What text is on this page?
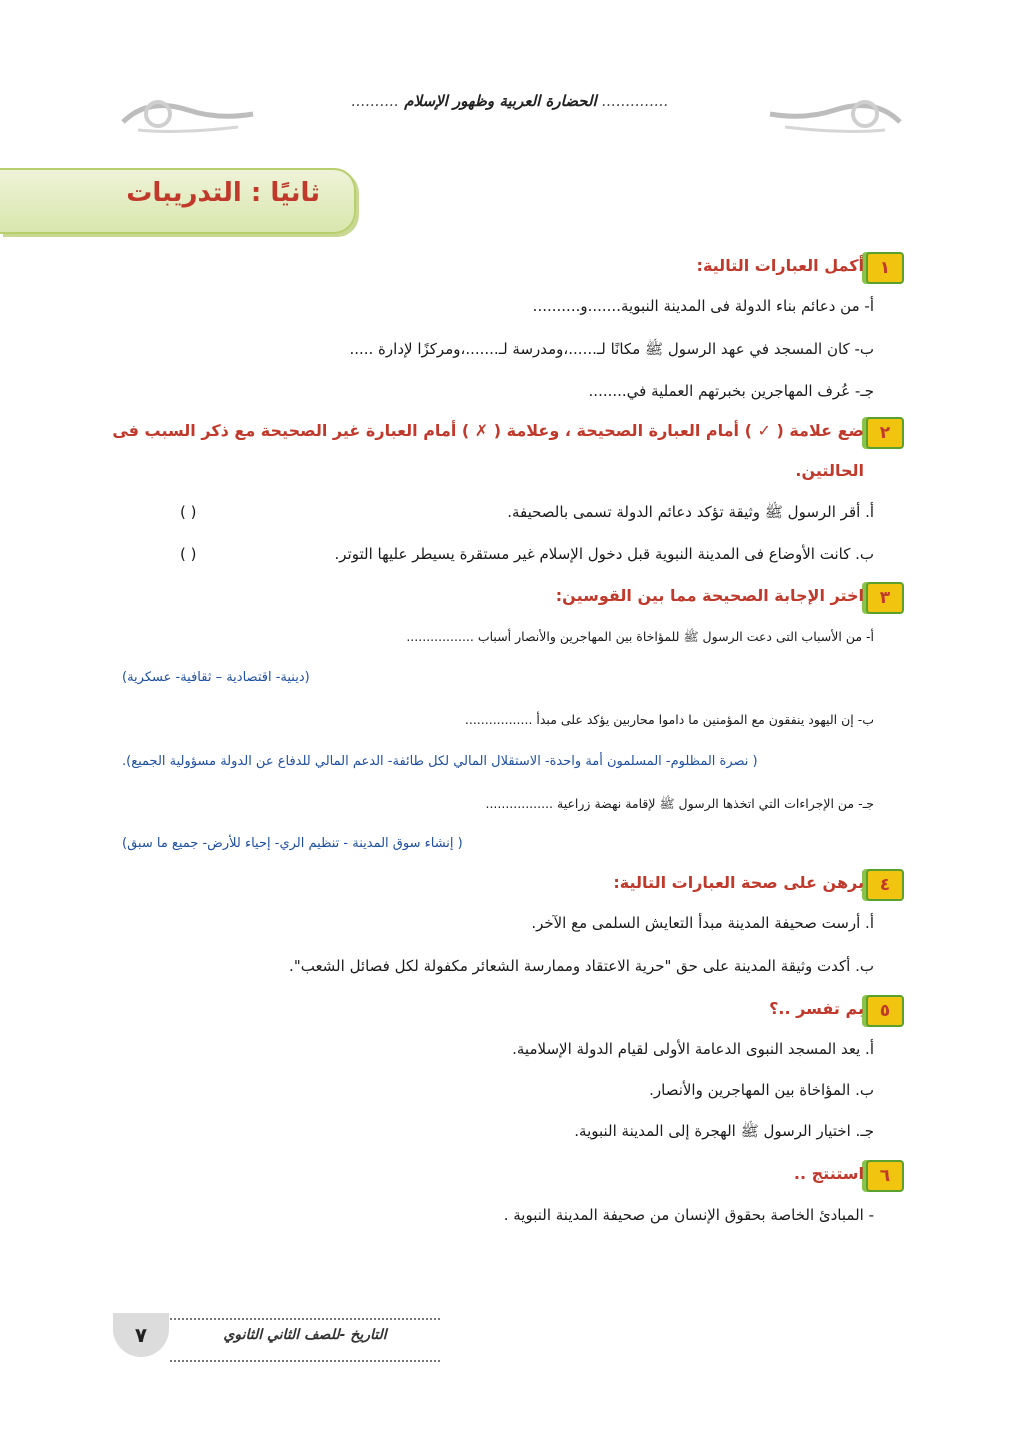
.............. الحضارة العربية وظهور الإسلام ..........
ثانيًا : التدريبات
١
أكمل العبارات التالية:
أ- من دعائم بناء الدولة فى المدينة النبوية.......و..........
ب- كان المسجد في عهد الرسول ﷺ مكانًا لـ......،ومدرسة لـ.......،ومركزًا لإدارة .....
جـ- عُرف المهاجرين بخبرتهم العملية في........
٢
ضع علامة ( ✓ ) أمام العبارة الصحيحة ، وعلامة ( ✗ ) أمام العبارة غير الصحيحة مع ذكر السبب فى
الحالتين.
أ. أقر الرسول ﷺ وثيقة تؤكد دعائم الدولة تسمى بالصحيفة.
( )
ب. كانت الأوضاع فى المدينة النبوية قبل دخول الإسلام غير مستقرة يسيطر عليها التوتر.
( )
٣
اختر الإجابة الصحيحة مما بين القوسين:
أ- من الأسباب التى دعت الرسول ﷺ للمؤاخاة بين المهاجرين والأنصار أسباب .................
(دينية- اقتصادية – ثقافية- عسكرية)
ب- إن اليهود ينفقون مع المؤمنين ما داموا محاربين يؤكد على مبدأ .................
( نصرة المظلوم- المسلمون أمة واحدة- الاستقلال المالي لكل طائفة- الدعم المالي للدفاع عن الدولة مسؤولية الجميع).
جـ- من الإجراءات التي اتخذها الرسول ﷺ لإقامة نهضة زراعية .................
( إنشاء سوق المدينة - تنظيم الري- إحياء للأرض- جميع ما سبق)
٤
برهن على صحة العبارات التالية:
أ. أرست صحيفة المدينة مبدأ التعايش السلمى مع الآخر.
ب. أكدت وثيقة المدينة على حق "حرية الاعتقاد وممارسة الشعائر مكفولة لكل فصائل الشعب".
٥
بم تفسر ..؟
أ. يعد المسجد النبوى الدعامة الأولى لقيام الدولة الإسلامية.
ب. المؤاخاة بين المهاجرين والأنصار.
جـ. اختيار الرسول ﷺ الهجرة إلى المدينة النبوية.
٦
استنتج ..
- المبادئ الخاصة بحقوق الإنسان من صحيفة المدينة النبوية .
التاريخ -للصف الثاني الثانوي
٧
